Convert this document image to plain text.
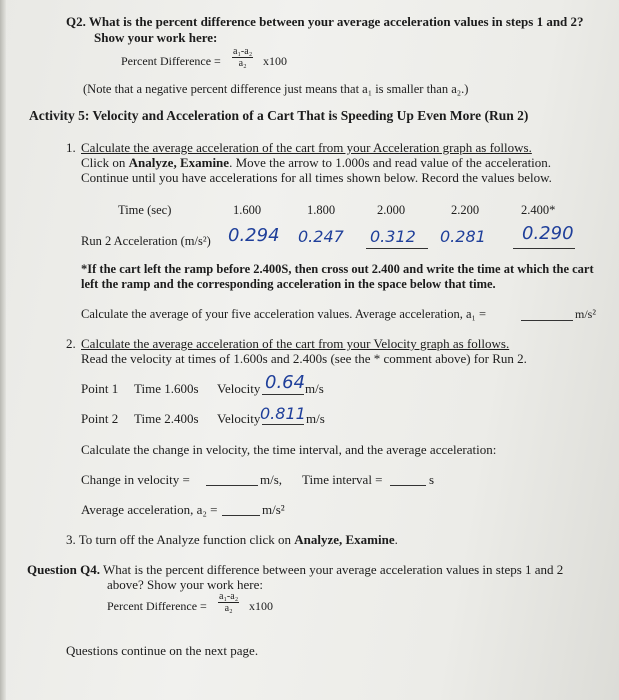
Q2. What is the percent difference between your average acceleration values in steps 1 and 2?
Show your work here:
Percent Difference = $\frac{\text{a₁-a₂}}{\text{a₂}} x100$
(Note that a negative percent difference just means that a₁ is smaller than a₂.)
Activity 5: Velocity and Acceleration of a Cart That is Speeding Up Even More (Run 2)
1. Calculate the average acceleration of the cart from your Acceleration graph as follows.
Click on Analyze, Examine. Move the arrow to 1.000s and read value of the acceleration.
Continue until you have accelerations for all times shown below. Record the values below.
Time (sec)	1.600	1.800	2.000	2.200	2.400*
Run 2 Acceleration (m/s²) 0.294 0.247 0.312 0.281 0.290
*If the cart left the ramp before 2.400S, then cross out 2.400 and write the time at which the cart
left the ramp and the corresponding acceleration in the space below that time.
Calculate the average of your five acceleration values. Average acceleration, a₁ =	m/s²
2. Calculate the average acceleration of the cart from your Velocity graph as follows.
Read the velocity at times of 1.600s and 2.400s (see the * comment above) for Run 2.
Point 1 Time 1.600s Velocity 0.64 m/s
Point 2 Time 2.400s Velocity 0.811 m/s
Calculate the change in velocity, the time interval, and the average acceleration:
Change in velocity =	m/s, Time interval =	s
Average acceleration, a₂ =	m/s²
3. To turn off the Analyze function click on Analyze, Examine.
Question Q4. What is the percent difference between your average acceleration values in steps 1 and 2
above? Show your work here:
Percent Difference = $\frac{\text{a₁-a₂}}{\text{a₂}} x100$
Questions continue on the next page.
